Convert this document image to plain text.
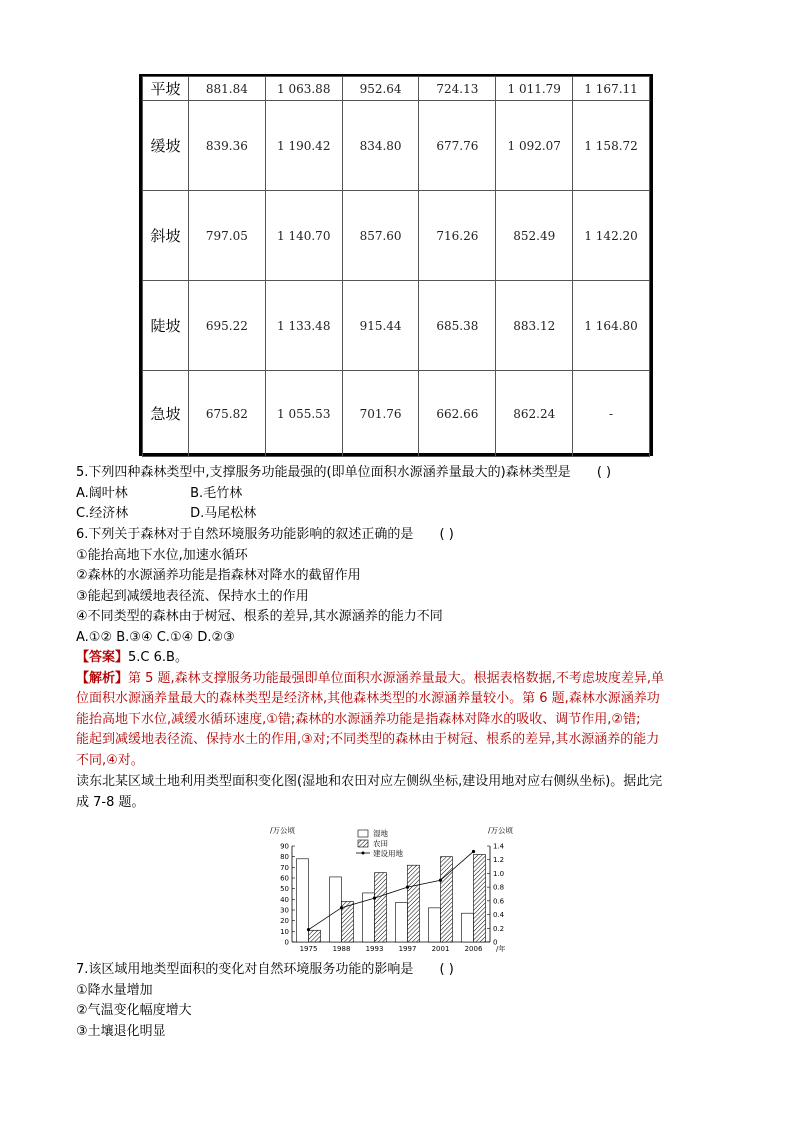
平坡	881.84	1 063.88	952.64	724.13	1 011.79	1 167.11
缓坡	839.36	1 190.42	834.80	677.76	1 092.07	1 158.72
斜坡	797.05	1 140.70	857.60	716.26	852.49	1 142.20
陡坡	695.22	1 133.48	915.44	685.38	883.12	1 164.80
急坡	675.82	1 055.53	701.76	662.66	862.24	-
5.下列四种森林类型中,支撑服务功能最强的(即单位面积水源涵养量最大的)森林类型是 ( )
A.阔叶林	B.毛竹林
C.经济林	D.马尾松林
6.下列关于森林对于自然环境服务功能影响的叙述正确的是 ( )
①能抬高地下水位,加速水循环
②森林的水源涵养功能是指森林对降水的截留作用
③能起到减缓地表径流、保持水土的作用
④不同类型的森林由于树冠、根系的差异,其水源涵养的能力不同
A.①② B.③④ C.①④ D.②③
【答案】5.C 6.B。
【解析】第 5 题,森林支撑服务功能最强即单位面积水源涵养量最大。根据表格数据,不考虑坡度差异,单
位面积水源涵养量最大的森林类型是经济林,其他森林类型的水源涵养量较小。第 6 题,森林水源涵养功
能抬高地下水位,减缓水循环速度,①错;森林的水源涵养功能是指森林对降水的吸收、调节作用,②错;
能起到减缓地表径流、保持水土的作用,③对;不同类型的森林由于树冠、根系的差异,其水源涵养的能力
不同,④对。
读东北某区域土地利用类型面积变化图(湿地和农田对应左侧纵坐标,建设用地对应右侧纵坐标)。据此完
成 7-8 题。
0
10
20
30
40
50
60
70
80
90
0
0.2
0.4
0.6
0.8
1.0
1.2
1.4
/万公顷	/万公顷
湿地
农田
建设用地
1975 1988 1993 1997 2001 2006 /年
7.该区域用地类型面积的变化对自然环境服务功能的影响是 ( )
①降水量增加
②气温变化幅度增大
③土壤退化明显
